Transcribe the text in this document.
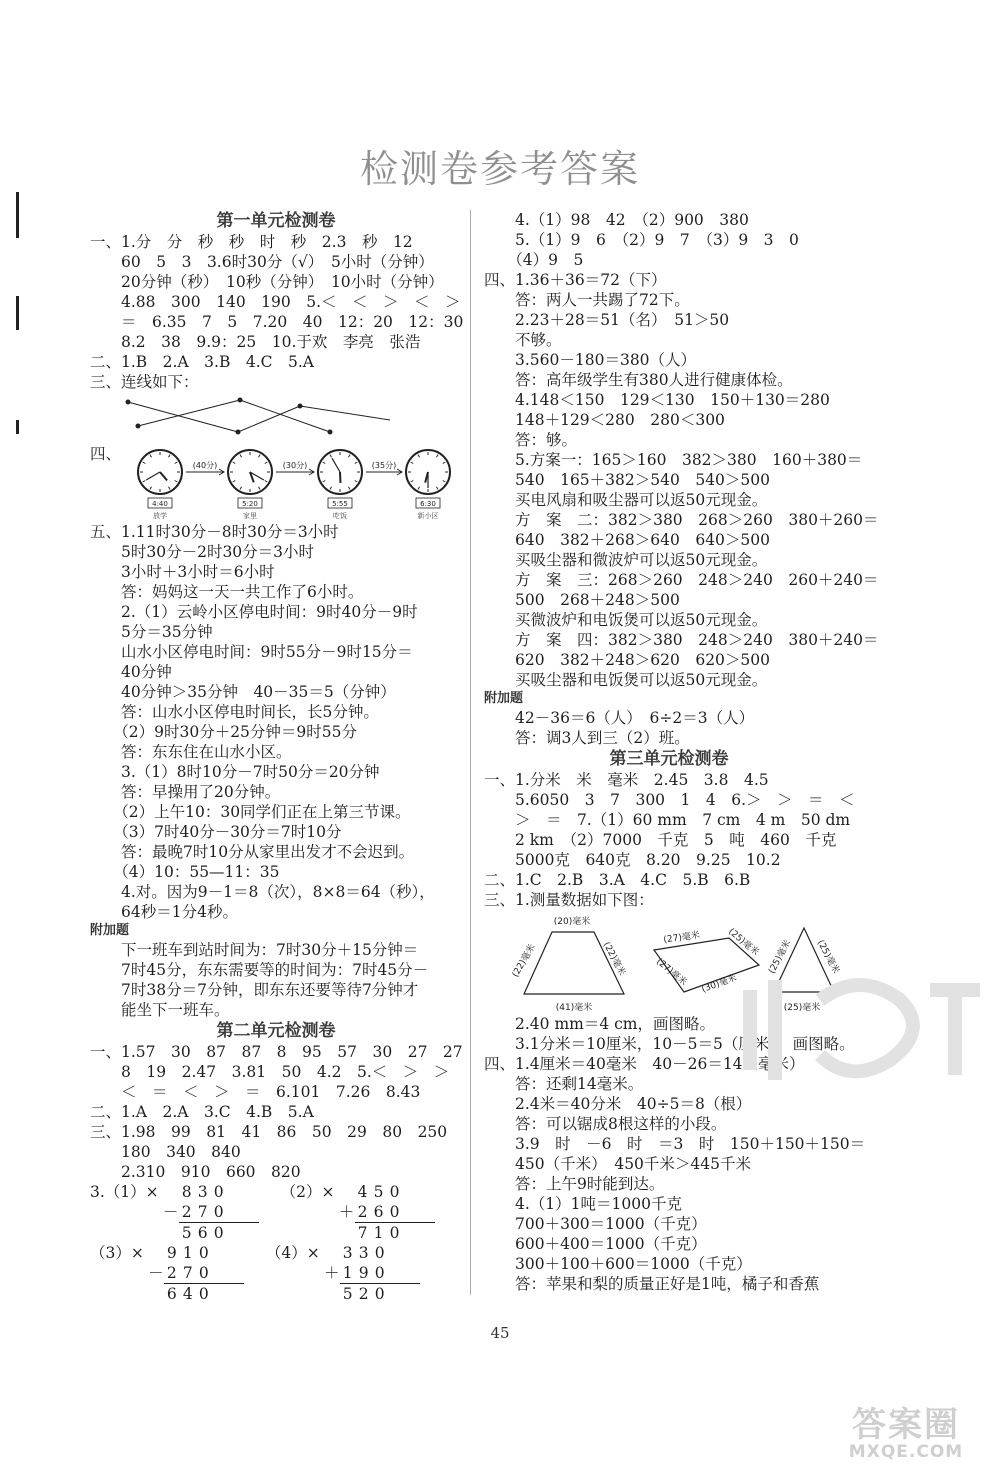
检测卷参考答案
第一单元检测卷
一、1.分　分　秒　秒　时　秒　2.3　秒　12
　　60　5　3　3.6时30分（√）　5小时（分钟）
　　20分钟（秒）　10秒（分钟）　10小时（分钟）
　　4.88　300　140　190　5.＜　＜　＞　＜　＞
　　＝　6.35　7　5　7.20　40　12：20　12：30
　　8.2　38　9.9：25　10.于欢　李亮　张浩
二、1.B　2.A　3.B　4.C　5.A
三、连线如下：
四、
4:40
放学
5:20
家里
5:55
吃饭
6:30
新小区
(40分)	(30分)	(35分)
五、1.11时30分－8时30分＝3小时
　　5时30分－2时30分＝3小时
　　3小时＋3小时＝6小时
　　答：妈妈这一天一共工作了6小时。
　　2.（1）云岭小区停电时间：9时40分－9时
　　5分＝35分钟
　　山水小区停电时间：9时55分－9时15分＝
　　40分钟
　　40分钟＞35分钟　40－35＝5（分钟）
　　答：山水小区停电时间长，长5分钟。
　　（2）9时30分＋25分钟＝9时55分
　　答：东东住在山水小区。
　　3.（1）8时10分－7时50分＝20分钟
　　答：早操用了20分钟。
　　（2）上午10：30同学们正在上第三节课。
　　（3）7时40分－30分＝7时10分
　　答：最晚7时10分从家里出发才不会迟到。
　　（4）10：55—11：35
　　4.对。因为9－1＝8（次），8×8＝64（秒），
　　64秒＝1分4秒。
附加题
　　下一班车到站时间为：7时30分＋15分钟＝
　　7时45分，东东需要等的时间为：7时45分－
　　7时38分＝7分钟，即东东还要等待7分钟才
　　能坐下一班车。
第二单元检测卷
一、1.57　30　87　87　8　95　57　30　27　27
　　8　19　2.47　3.81　50　4.2　5.＜　＞　＞
　　＜　＝　＜　＞　＝　6.101　7.26　8.43
二、1.A　2.A　3.C　4.B　5.A
三、1.98　99　81　41　86　50　29　80　250
　　180　340　840
　　2.310　910　660　820
3.（1）× 8 3 0
－ 2 7 0
5 6 0
（2）× 4 5 0
＋ 2 6 0
7 1 0
（3）× 9 1 0
－ 2 7 0
6 4 0
（4）× 3 3 0
＋ 1 9 0
5 2 0
　　4.（1）98　42　（2）900　380
　　5.（1）9　6　（2）9　7　（3）9　3　0
　　（4）9　5
四、1.36＋36＝72（下）
　　答：两人一共踢了72下。
　　2.23＋28＝51（名）　51＞50
　　不够。
　　3.560－180＝380（人）
　　答：高年级学生有380人进行健康体检。
　　4.148＜150　129＜130　150＋130＝280
　　148＋129＜280　280＜300
　　答：够。
　　5.方案一：165＞160　382＞380　160＋380＝
　　540　165＋382＞540　540＞500
　　买电风扇和吸尘器可以返50元现金。
　　方　案　二：382＞380　268＞260　380＋260＝
　　640　382＋268＞640　640＞500
　　买吸尘器和微波炉可以返50元现金。
　　方　案　三：268＞260　248＞240　260＋240＝
　　500　268＋248＞500
　　买微波炉和电饭煲可以返50元现金。
　　方　案　四：382＞380　248＞240　380＋240＝
　　620　382＋248＞620　620＞500
　　买吸尘器和电饭煲可以返50元现金。
附加题
　　42－36＝6（人）　6÷2＝3（人）
　　答：调3人到三（2）班。
第三单元检测卷
一、1.分米　米　毫米　2.45　3.8　4.5
　　5.6050　3　7　300　1　4　6.＞　＞　＝　＜
　　＞　＝　7.（1）60 mm　7 cm　4 m　50 dm
　　2 km　（2）7000　千克　5　吨　460　千克
　　5000克　640克　8.20　9.25　10.2
二、1.C　2.B　3.A　4.C　5.B　6.B
三、1.测量数据如下图：
(20)毫米
(22)毫米	(22)毫米
(41)毫米
(27)毫米	(25)毫米
(27)毫米 (30)毫米
(25)毫米 (25)毫米
(25)毫米
　　2.40 mm＝4 cm，画图略。
　　3.1分米＝10厘米，10－5＝5（厘米），画图略。
四、1.4厘米＝40毫米　40－26＝14（毫米）
　　答：还剩14毫米。
　　2.4米＝40分米　40÷5＝8（根）
　　答：可以锯成8根这样的小段。
　　3.9　时　－6　时　＝3　时　150＋150＋150＝
　　450（千米）　450千米＞445千米
　　答：上午9时能到达。
　　4.（1）1吨＝1000千克
　　700＋300＝1000（千克）
　　600＋400＝1000（千克）
　　300＋100＋600＝1000（千克）
　　答：苹果和梨的质量正好是1吨，橘子和香蕉
45
答案圈
MXQE.COM
